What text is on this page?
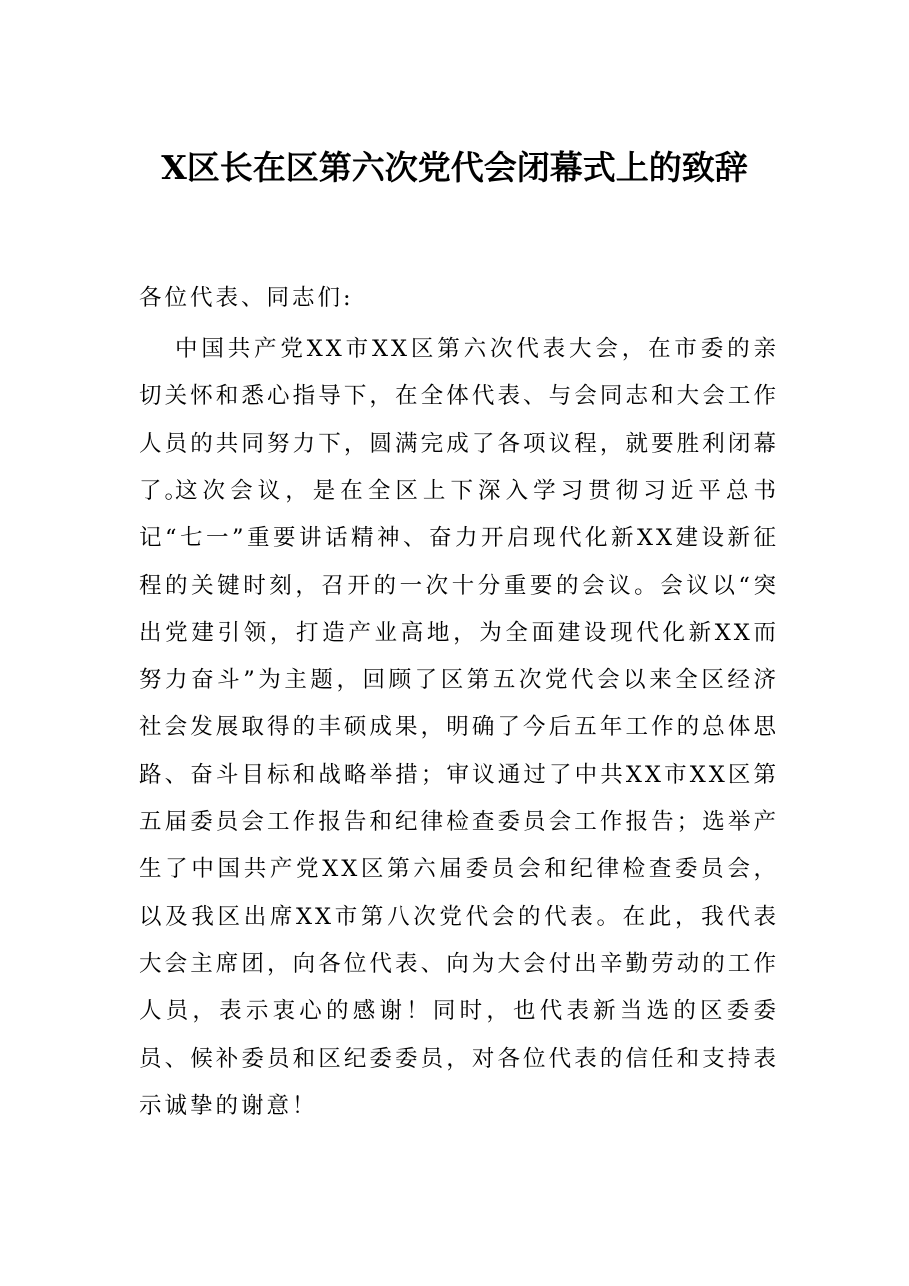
X区长在区第六次党代会闭幕式上的致辞
各位代表、同志们:
中国共产党XX市XX区第六次代表大会，在市委的亲切关怀和悉心指导下，在全体代表、与会同志和大会工作人员的共同努力下，圆满完成了各项议程，就要胜利闭幕了。
这次会议，是在全区上下深入学习贯彻习近平总书记“七一”重要讲话精神、奋力开启现代化新XX建设新征程的关键时刻，召开的一次十分重要的会议。会议以“突出党建引领，打造产业高地，为全面建设现代化新XX而努力奋斗”为主题，回顾了区第五次党代会以来全区经济社会发展取得的丰硕成果，明确了今后五年工作的总体思路、奋斗目标和战略举措；审议通过了中共XX市XX区第五届委员会工作报告和纪律检查委员会工作报告；选举产生了中国共产党XX区第六届委员会和纪律检查委员会，以及我区出席XX市第八次党代会的代表。在此，我代表大会主席团，向各位代表、向为大会付出辛勤劳动的工作人员，表示衷心的感谢！同时，也代表新当选的区委委员、候补委员和区纪委委员，对各位代表的信任和支持表示诚挚的谢意！
